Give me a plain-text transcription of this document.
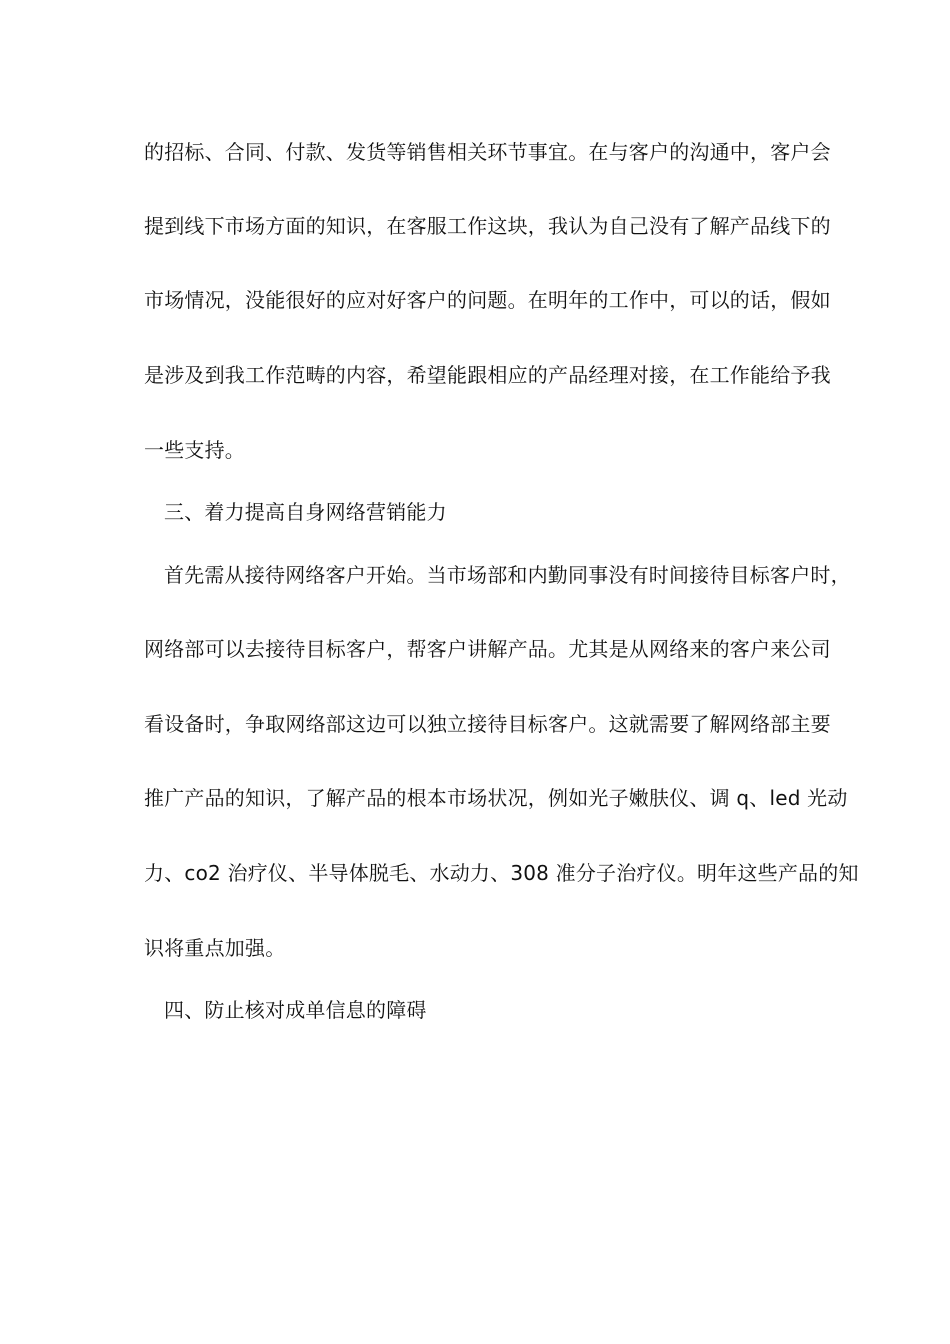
的招标、合同、付款、发货等销售相关环节事宜。在与客户的沟通中，客户会
提到线下市场方面的知识，在客服工作这块，我认为自己没有了解产品线下的
市场情况，没能很好的应对好客户的问题。在明年的工作中，可以的话，假如
是涉及到我工作范畴的内容，希望能跟相应的产品经理对接，在工作能给予我
一些支持。
三、着力提高自身网络营销能力
首先需从接待网络客户开始。当市场部和内勤同事没有时间接待目标客户时，
网络部可以去接待目标客户，帮客户讲解产品。尤其是从网络来的客户来公司
看设备时，争取网络部这边可以独立接待目标客户。这就需要了解网络部主要
推广产品的知识，了解产品的根本市场状况，例如光子嫩肤仪、调 q、led 光动
力、co2 治疗仪、半导体脱毛、水动力、308 准分子治疗仪。明年这些产品的知
识将重点加强。
四、防止核对成单信息的障碍
